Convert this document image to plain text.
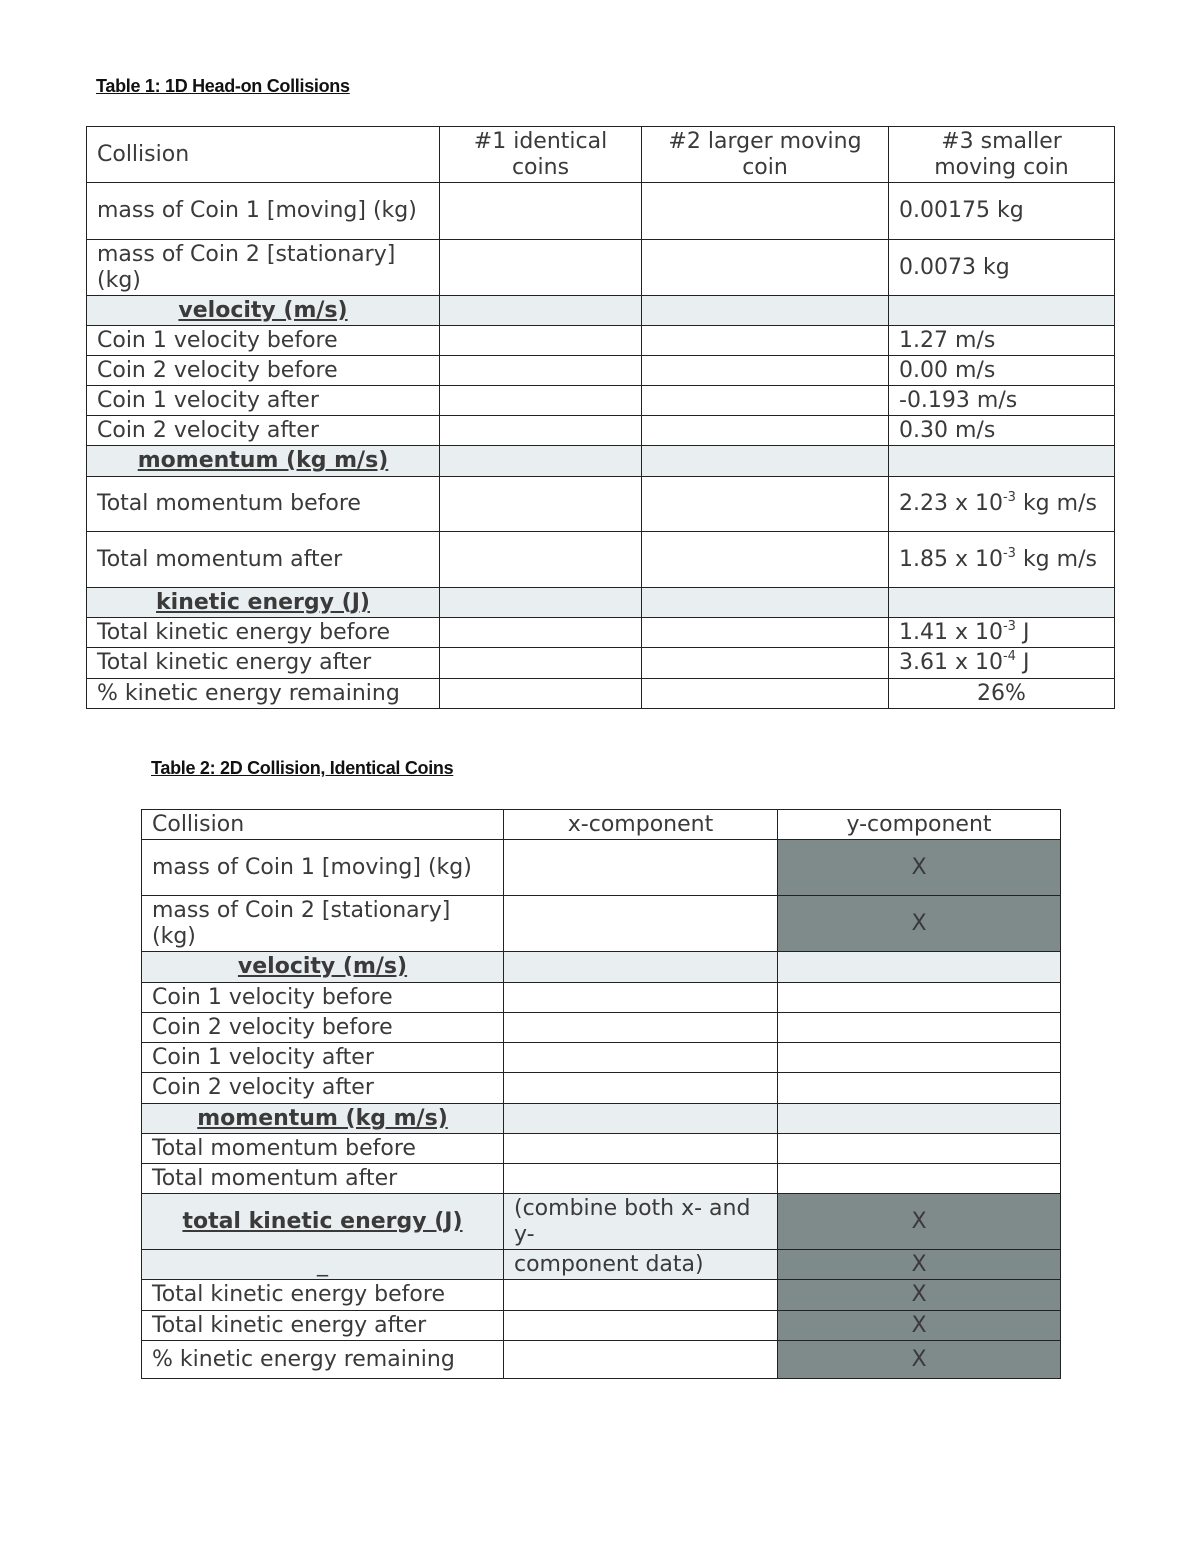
Table 1: 1D Head-on Collisions
Collision	#1 identical coins	#2 larger moving coin	#3 smaller moving coin
mass of Coin 1 [moving] (kg)			0.00175 kg
mass of Coin 2 [stationary] (kg)			0.0073 kg
velocity (m/s)			
Coin 1 velocity before			1.27 m/s
Coin 2 velocity before			0.00 m/s
Coin 1 velocity after			-0.193 m/s
Coin 2 velocity after			0.30 m/s
momentum (kg m/s)			
Total momentum before			2.23 x $10^{-3}$ kg m/s
Total momentum after			1.85 x $10^{-3}$ kg m/s
kinetic energy (J)			
Total kinetic energy before			1.41 x $10^{-3}$ J
Total kinetic energy after			3.61 x $10^{-4}$ J
% kinetic energy remaining			26%
Table 2: 2D Collision, Identical Coins
Collision	x-component	y-component
mass of Coin 1 [moving] (kg)		X
mass of Coin 2 [stationary] (kg)		X
velocity (m/s)		
Coin 1 velocity before		
Coin 2 velocity before		
Coin 1 velocity after		
Coin 2 velocity after		
momentum (kg m/s)		
Total momentum before		
Total momentum after		
total kinetic energy (J)	(combine both x- and y-	X
_	component data)	X
Total kinetic energy before		X
Total kinetic energy after		X
% kinetic energy remaining		X
